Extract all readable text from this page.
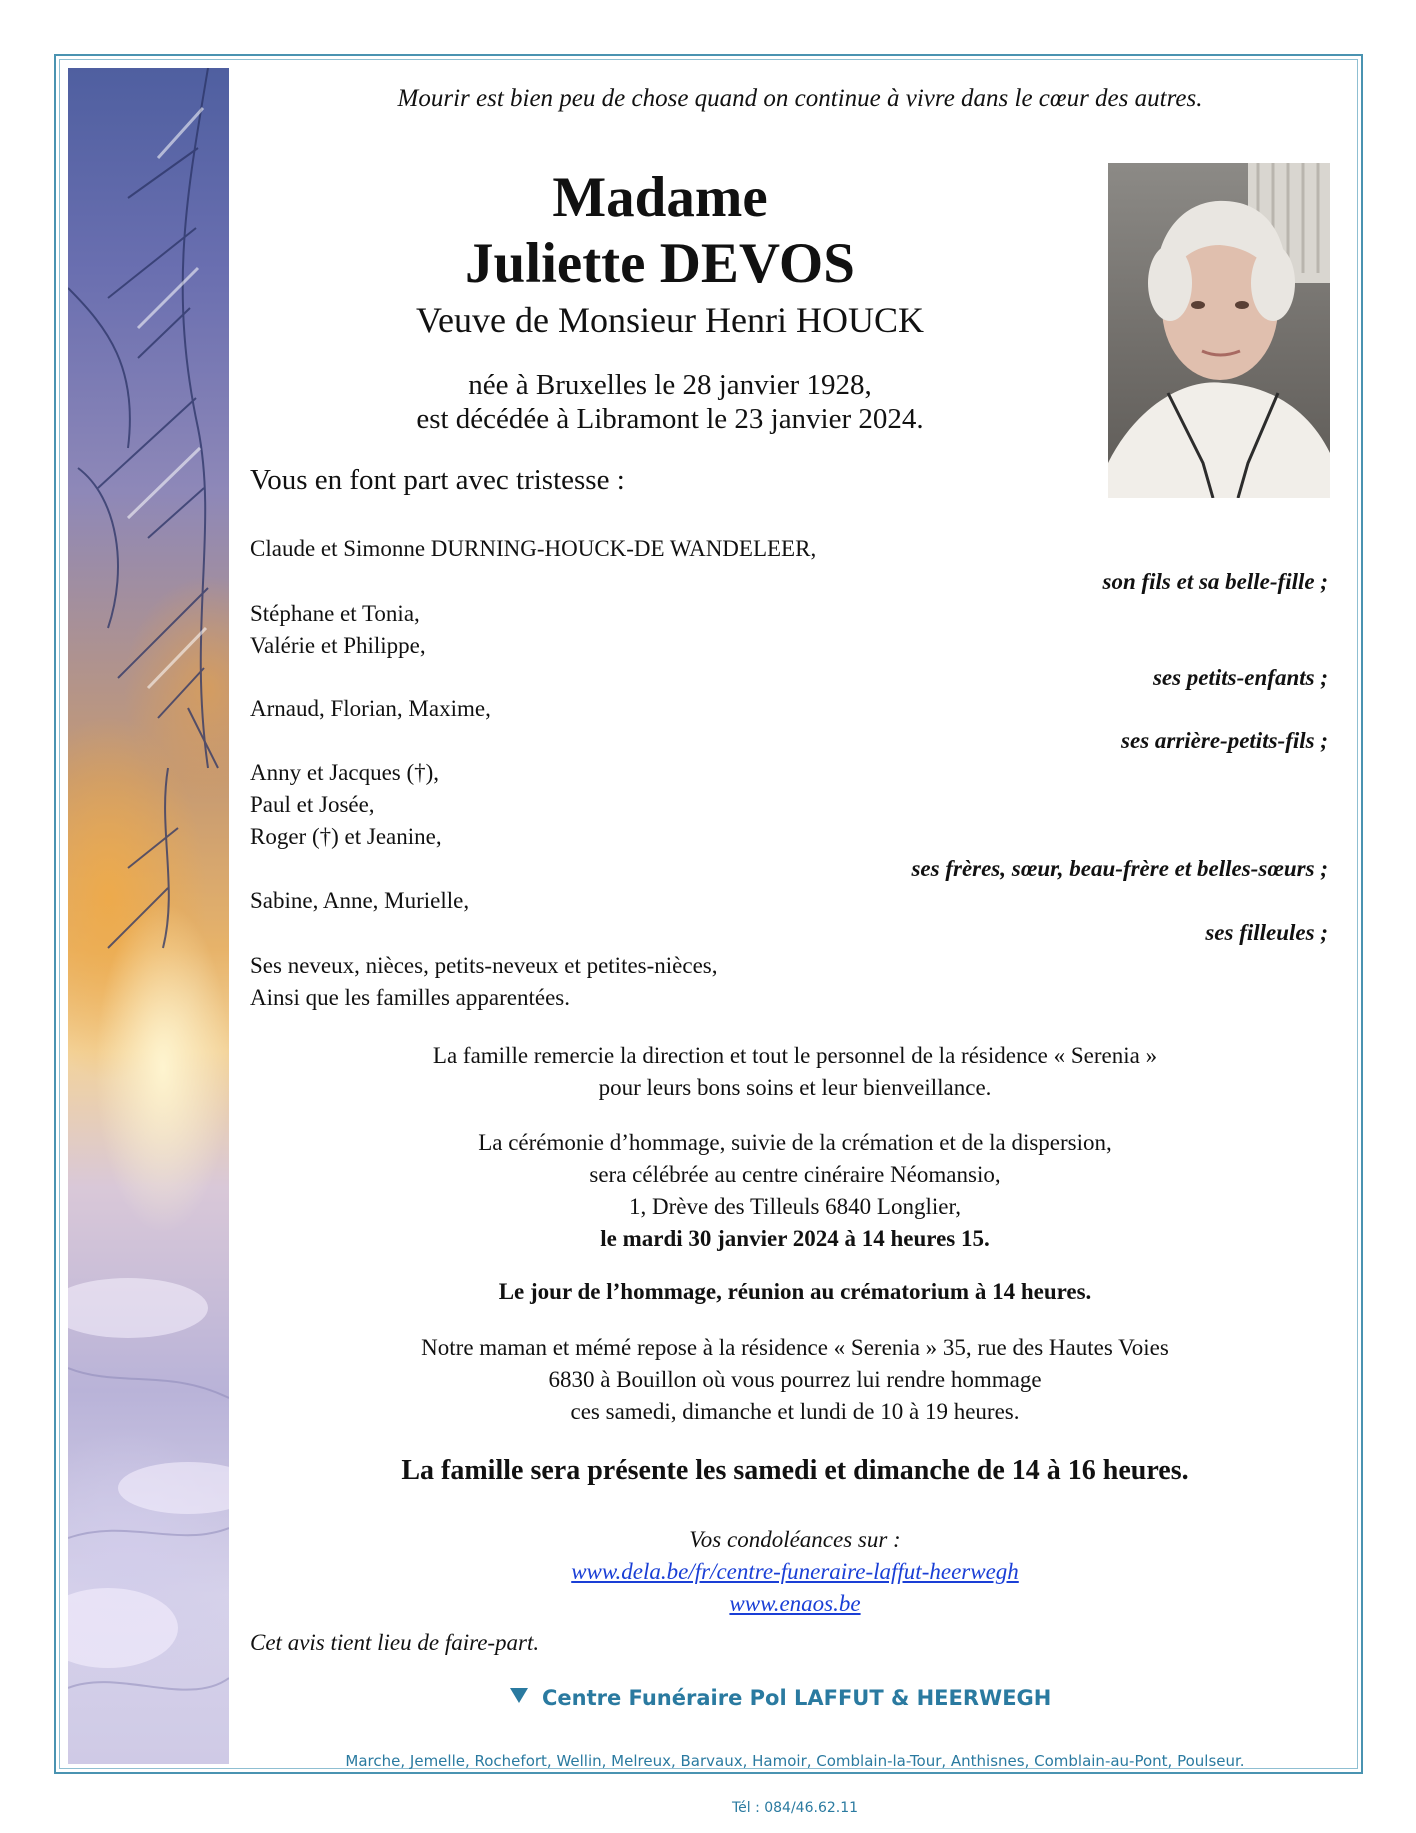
Mourir est bien peu de chose quand on continue à vivre dans le cœur des autres.
Madame
Juliette DEVOS
Veuve de Monsieur Henri HOUCK
née à Bruxelles le 28 janvier 1928,
est décédée à Libramont le 23 janvier 2024.
Vous en font part avec tristesse :
Claude et Simonne DURNING-HOUCK-DE WANDELEER,
son fils et sa belle-fille ;
Stéphane et Tonia,
Valérie et Philippe,
ses petits-enfants ;
Arnaud, Florian, Maxime,
ses arrière-petits-fils ;
Anny et Jacques (†),
Paul et Josée,
Roger (†) et Jeanine,
ses frères, sœur, beau-frère et belles-sœurs ;
Sabine, Anne, Murielle,
ses filleules ;
Ses neveux, nièces, petits-neveux et petites-nièces,
Ainsi que les familles apparentées.
La famille remercie la direction et tout le personnel de la résidence « Serenia »
pour leurs bons soins et leur bienveillance.
La cérémonie d’hommage, suivie de la crémation et de la dispersion,
sera célébrée au centre cinéraire Néomansio,
1, Drève des Tilleuls 6840 Longlier,
le mardi 30 janvier 2024 à 14 heures 15.
Le jour de l’hommage, réunion au crématorium à 14 heures.
Notre maman et mémé repose à la résidence « Serenia » 35, rue des Hautes Voies
6830 à Bouillon où vous pourrez lui rendre hommage
ces samedi, dimanche et lundi de 10 à 19 heures.
La famille sera présente les samedi et dimanche de 14 à 16 heures.
Vos condoléances sur :
www.dela.be/fr/centre-funeraire-laffut-heerwegh
www.enaos.be
Cet avis tient lieu de faire-part.
Centre Funéraire Pol LAFFUT & HEERWEGH
Marche, Jemelle, Rochefort, Wellin, Melreux, Barvaux, Hamoir, Comblain-la-Tour, Anthisnes, Comblain-au-Pont, Poulseur.
Tél : 084/46.62.11
